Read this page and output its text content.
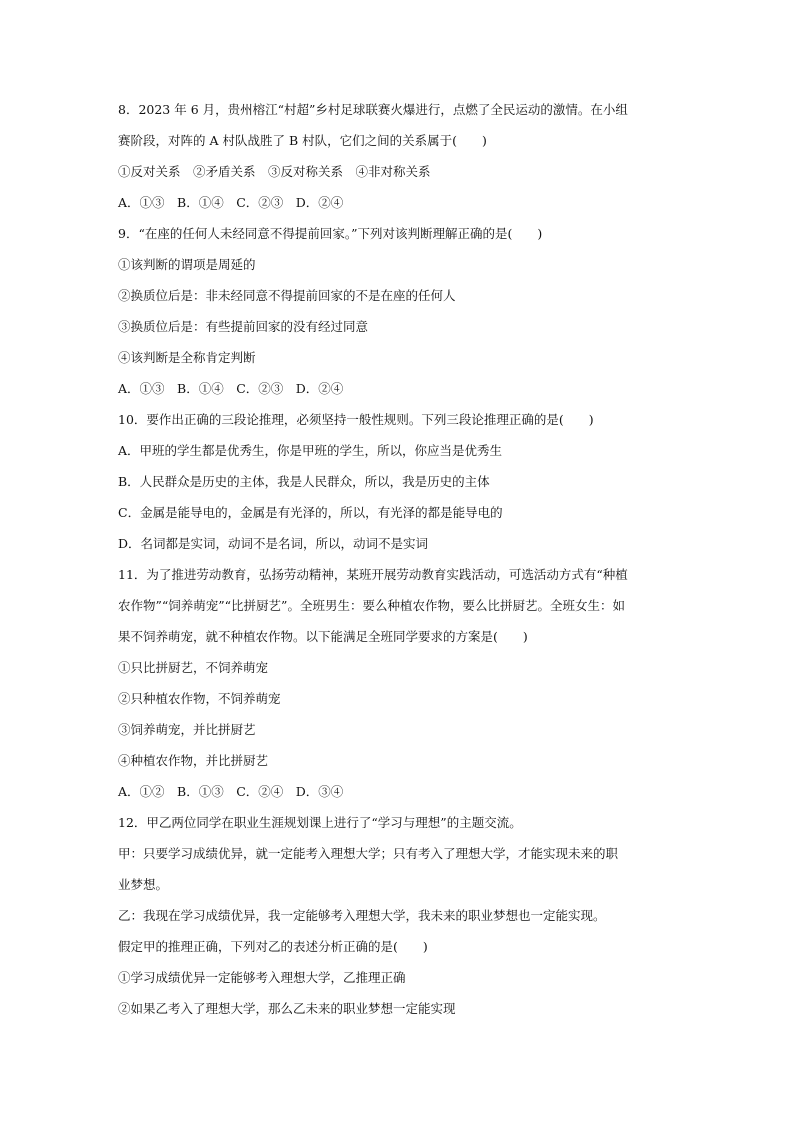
8．2023 年 6 月，贵州榕江“村超”乡村足球联赛火爆进行，点燃了全民运动的激情。在小组
赛阶段，对阵的 A 村队战胜了 B 村队，它们之间的关系属于(　　)
①反对关系　②矛盾关系　③反对称关系　④非对称关系
A．①③　B．①④　C．②③　D．②④
9．“在座的任何人未经同意不得提前回家。”下列对该判断理解正确的是(　　)
①该判断的谓项是周延的
②换质位后是：非未经同意不得提前回家的不是在座的任何人
③换质位后是：有些提前回家的没有经过同意
④该判断是全称肯定判断
A．①③　B．①④　C．②③　D．②④
10．要作出正确的三段论推理，必须坚持一般性规则。下列三段论推理正确的是(　　)
A．甲班的学生都是优秀生，你是甲班的学生，所以，你应当是优秀生
B．人民群众是历史的主体，我是人民群众，所以，我是历史的主体
C．金属是能导电的，金属是有光泽的，所以，有光泽的都是能导电的
D．名词都是实词，动词不是名词，所以，动词不是实词
11．为了推进劳动教育，弘扬劳动精神，某班开展劳动教育实践活动，可选活动方式有“种植
农作物”“饲养萌宠”“比拼厨艺”。全班男生：要么种植农作物，要么比拼厨艺。全班女生：如
果不饲养萌宠，就不种植农作物。以下能满足全班同学要求的方案是(　　)
①只比拼厨艺，不饲养萌宠
②只种植农作物，不饲养萌宠
③饲养萌宠，并比拼厨艺
④种植农作物，并比拼厨艺
A．①②　B．①③　C．②④　D．③④
12．甲乙两位同学在职业生涯规划课上进行了“学习与理想”的主题交流。
甲：只要学习成绩优异，就一定能考入理想大学；只有考入了理想大学，才能实现未来的职
业梦想。
乙：我现在学习成绩优异，我一定能够考入理想大学，我未来的职业梦想也一定能实现。
假定甲的推理正确，下列对乙的表述分析正确的是(　　)
①学习成绩优异一定能够考入理想大学，乙推理正确
②如果乙考入了理想大学，那么乙未来的职业梦想一定能实现
